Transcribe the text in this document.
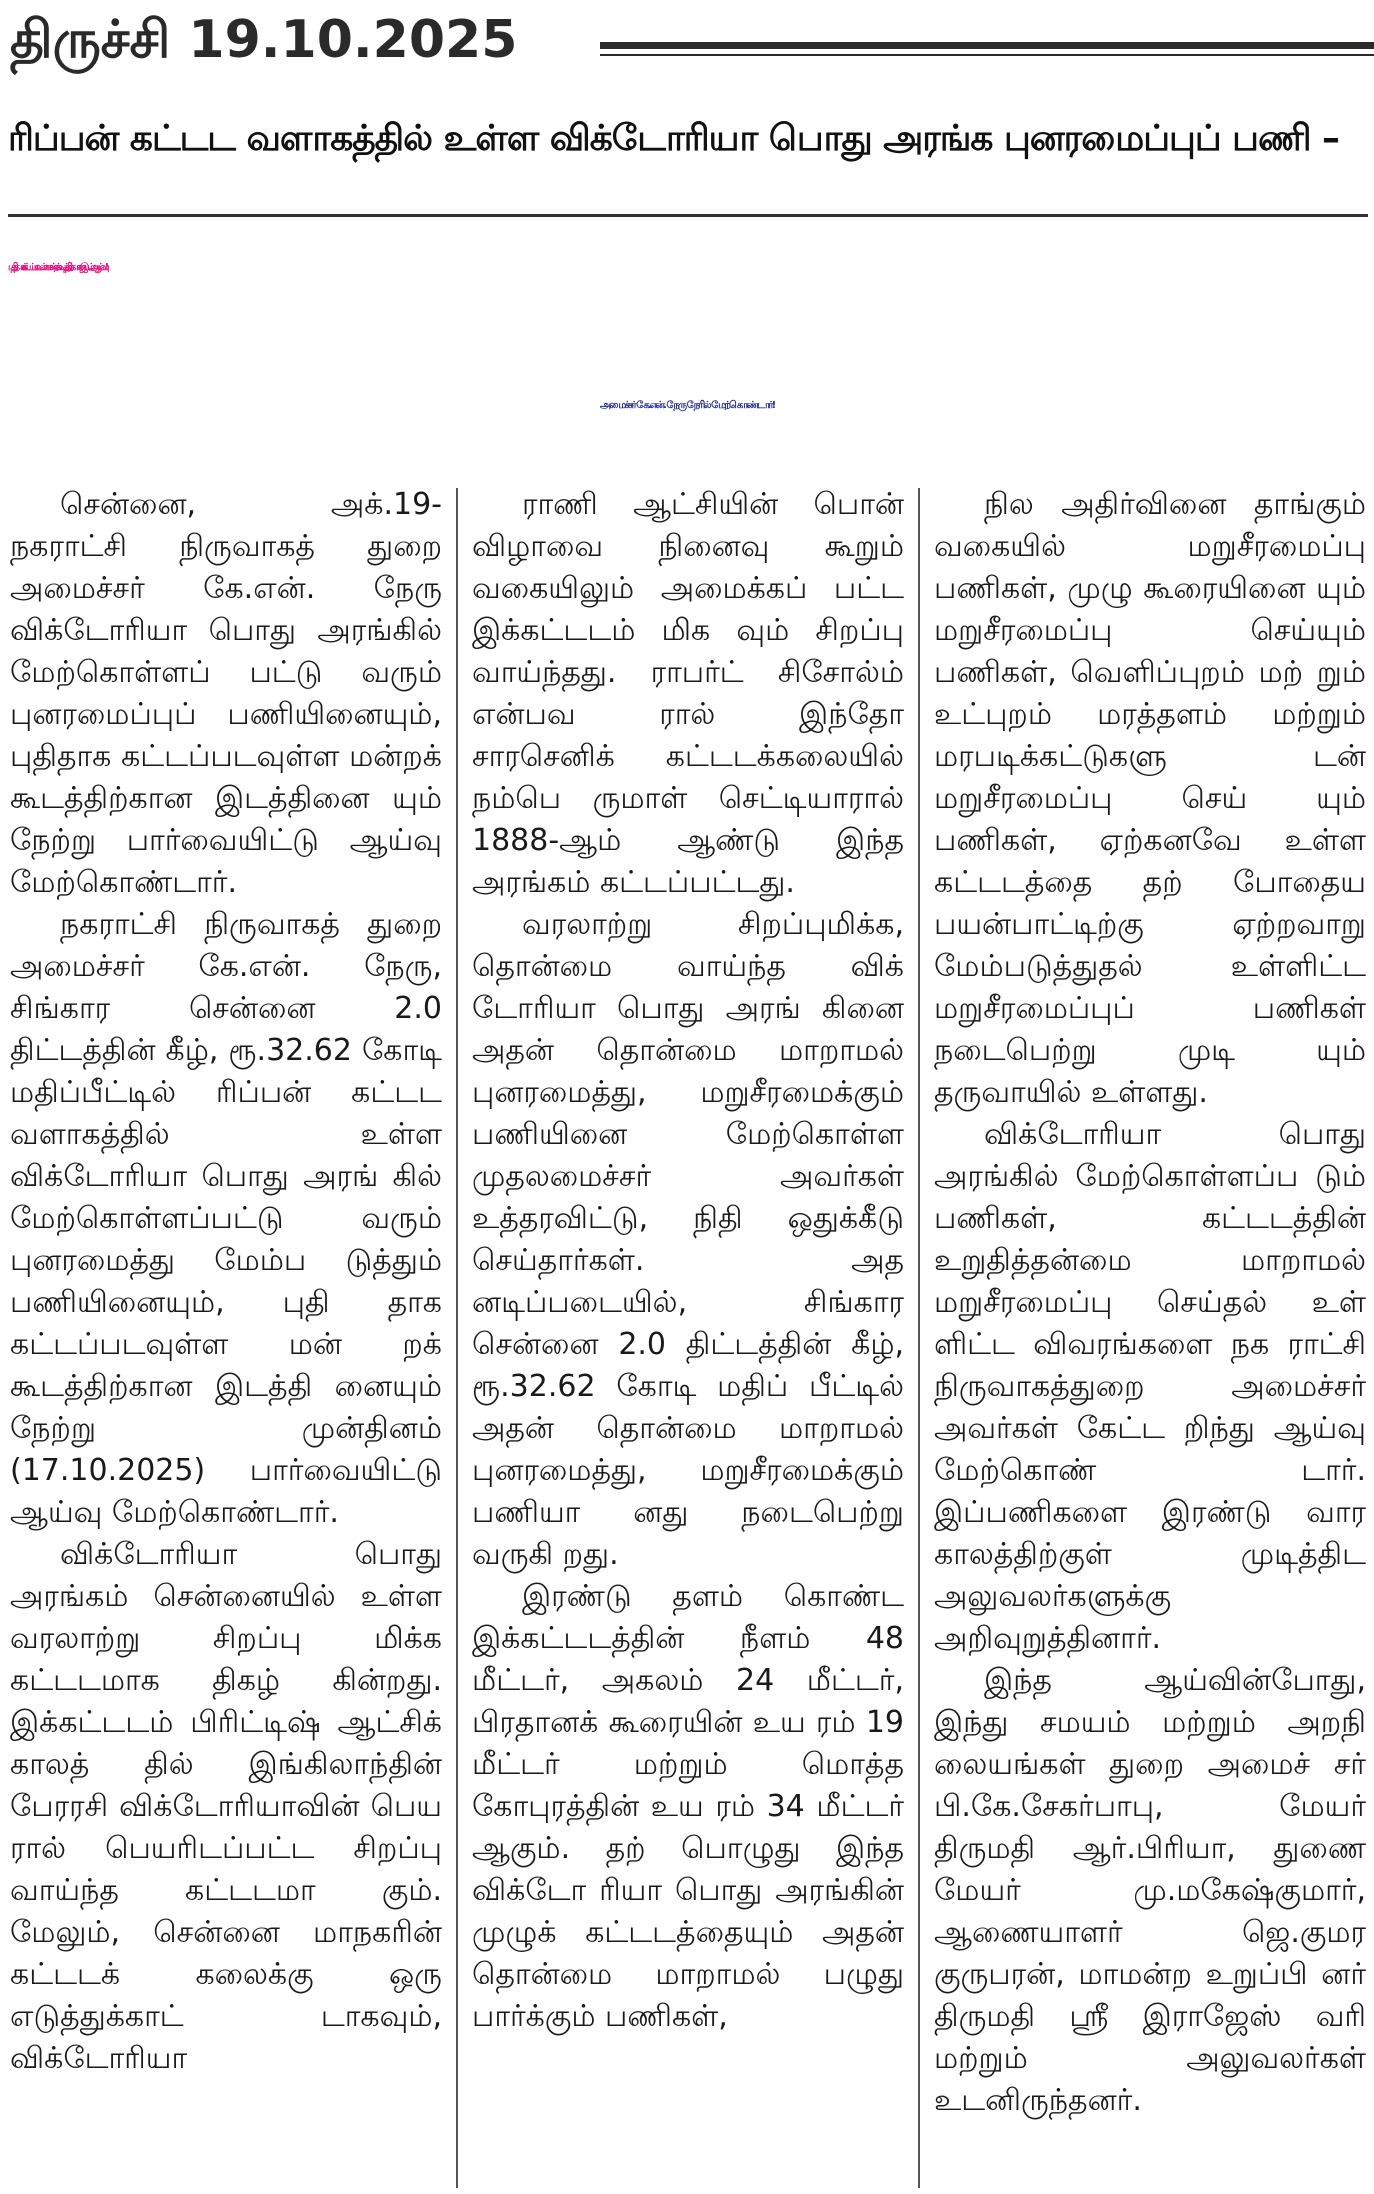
திருச்சி 19.10.2025
ரிப்பன் கட்டட வளாகத்தில் உள்ள விக்டோரியா பொது அரங்க புனரமைப்புப் பணி –
புதிதாகக் கட்டப்பட உள்ள மன்றக் கூடத்திற்கான இடம் ஆய்வு!
அமைச்சர் கே.என். நேரு நேரில் மேற்கொண்டார்!

சென்னை, அக்.19- நகராட்சி நிருவாகத் துறை அமைச்சர் கே.என். நேரு விக்டோரியா பொது அரங்கில் மேற்கொள்ளப் பட்டு வரும் புனரமைப்புப் பணியினையும், புதிதாக கட்டப்படவுள்ள மன்றக் கூடத்திற்கான இடத்தினை யும் நேற்று பார்வையிட்டு ஆய்வு மேற்கொண்டார்.

நகராட்சி நிருவாகத் துறை அமைச்சர் கே.என். நேரு, சிங்கார சென்னை 2.0 திட்டத்தின் கீழ், ரூ.32.62 கோடி மதிப்பீட்டில் ரிப்பன் கட்டட வளாகத்தில் உள்ள விக்டோரியா பொது அரங் கில் மேற்கொள்ளப்பட்டு வரும் புனரமைத்து மேம்ப டுத்தும் பணியினையும், புதி தாக கட்டப்படவுள்ள மன் றக் கூடத்திற்கான இடத்தி னையும் நேற்று முன்தினம் (17.10.2025) பார்வையிட்டு ஆய்வு மேற்கொண்டார்.

விக்டோரியா பொது அரங்கம் சென்னையில் உள்ள வரலாற்று சிறப்பு மிக்க கட்டடமாக திகழ் கின்றது. இக்கட்டடம் பிரிட்டிஷ் ஆட்சிக் காலத் தில் இங்கிலாந்தின் பேரரசி விக்டோரியாவின் பெய ரால் பெயரிடப்பட்ட சிறப்பு வாய்ந்த கட்டடமா கும். மேலும், சென்னை மாநகரின் கட்டடக் கலைக்கு ஒரு எடுத்துக்காட் டாகவும், விக்டோரியா

ராணி ஆட்சியின் பொன் விழாவை நினைவு கூறும் வகையிலும் அமைக்கப் பட்ட இக்கட்டடம் மிக வும் சிறப்பு வாய்ந்தது. ராபர்ட் சிசோல்ம் என்பவ ரால் இந்தோ சாரசெனிக் கட்டடக்கலையில் நம்பெ ருமாள் செட்டியாரால் 1888-ஆம் ஆண்டு இந்த அரங்கம் கட்டப்பட்டது.

வரலாற்று சிறப்புமிக்க, தொன்மை வாய்ந்த விக் டோரியா பொது அரங் கினை அதன் தொன்மை மாறாமல் புனரமைத்து, மறுசீரமைக்கும் பணியினை மேற்கொள்ள முதலமைச்சர் அவர்கள் உத்தரவிட்டு, நிதி ஒதுக்கீடு செய்தார்கள். அத னடிப்படையில், சிங்கார சென்னை 2.0 திட்டத்தின் கீழ், ரூ.32.62 கோடி மதிப் பீட்டில் அதன் தொன்மை மாறாமல் புனரமைத்து, மறுசீரமைக்கும் பணியா னது நடைபெற்று வருகி றது.

இரண்டு தளம் கொண்ட இக்கட்டடத்தின் நீளம் 48 மீட்டர், அகலம் 24 மீட்டர், பிரதானக் கூரையின் உய ரம் 19 மீட்டர் மற்றும் மொத்த கோபுரத்தின் உய ரம் 34 மீட்டர் ஆகும். தற் பொழுது இந்த விக்டோ ரியா பொது அரங்கின் முழுக் கட்டடத்தையும் அதன் தொன்மை மாறாமல் பழுது பார்க்கும் பணிகள்,

நில அதிர்வினை தாங்கும் வகையில் மறுசீரமைப்பு பணிகள், முழு கூரையினை யும் மறுசீரமைப்பு செய்யும் பணிகள், வெளிப்புறம் மற் றும் உட்புறம் மரத்தளம் மற்றும் மரபடிக்கட்டுகளு டன் மறுசீரமைப்பு செய் யும் பணிகள், ஏற்கனவே உள்ள கட்டடத்தை தற் போதைய பயன்பாட்டிற்கு ஏற்றவாறு மேம்படுத்துதல் உள்ளிட்ட மறுசீரமைப்புப் பணிகள் நடைபெற்று முடி யும் தருவாயில் உள்ளது.

விக்டோரியா பொது அரங்கில் மேற்கொள்ளப்ப டும் பணிகள், கட்டடத்தின் உறுதித்தன்மை மாறாமல் மறுசீரமைப்பு செய்தல் உள் ளிட்ட விவரங்களை நக ராட்சி நிருவாகத்துறை அமைச்சர் அவர்கள் கேட்ட றிந்து ஆய்வு மேற்கொண் டார். இப்பணிகளை இரண்டு வார காலத்திற்குள் முடித்திட அலுவலர்களுக்கு அறிவுறுத்தினார்.

இந்த ஆய்வின்போது, இந்து சமயம் மற்றும் அறநி லையங்கள் துறை அமைச் சர் பி.கே.சேகர்பாபு, மேயர் திருமதி ஆர்.பிரியா, துணை மேயர் மு.மகேஷ்குமார், ஆணையாளர் ஜெ.குமர குருபரன், மாமன்ற உறுப்பி னர் திருமதி ஸ்ரீ இராஜேஸ் வரி மற்றும் அலுவலர்கள் உடனிருந்தனர்.
